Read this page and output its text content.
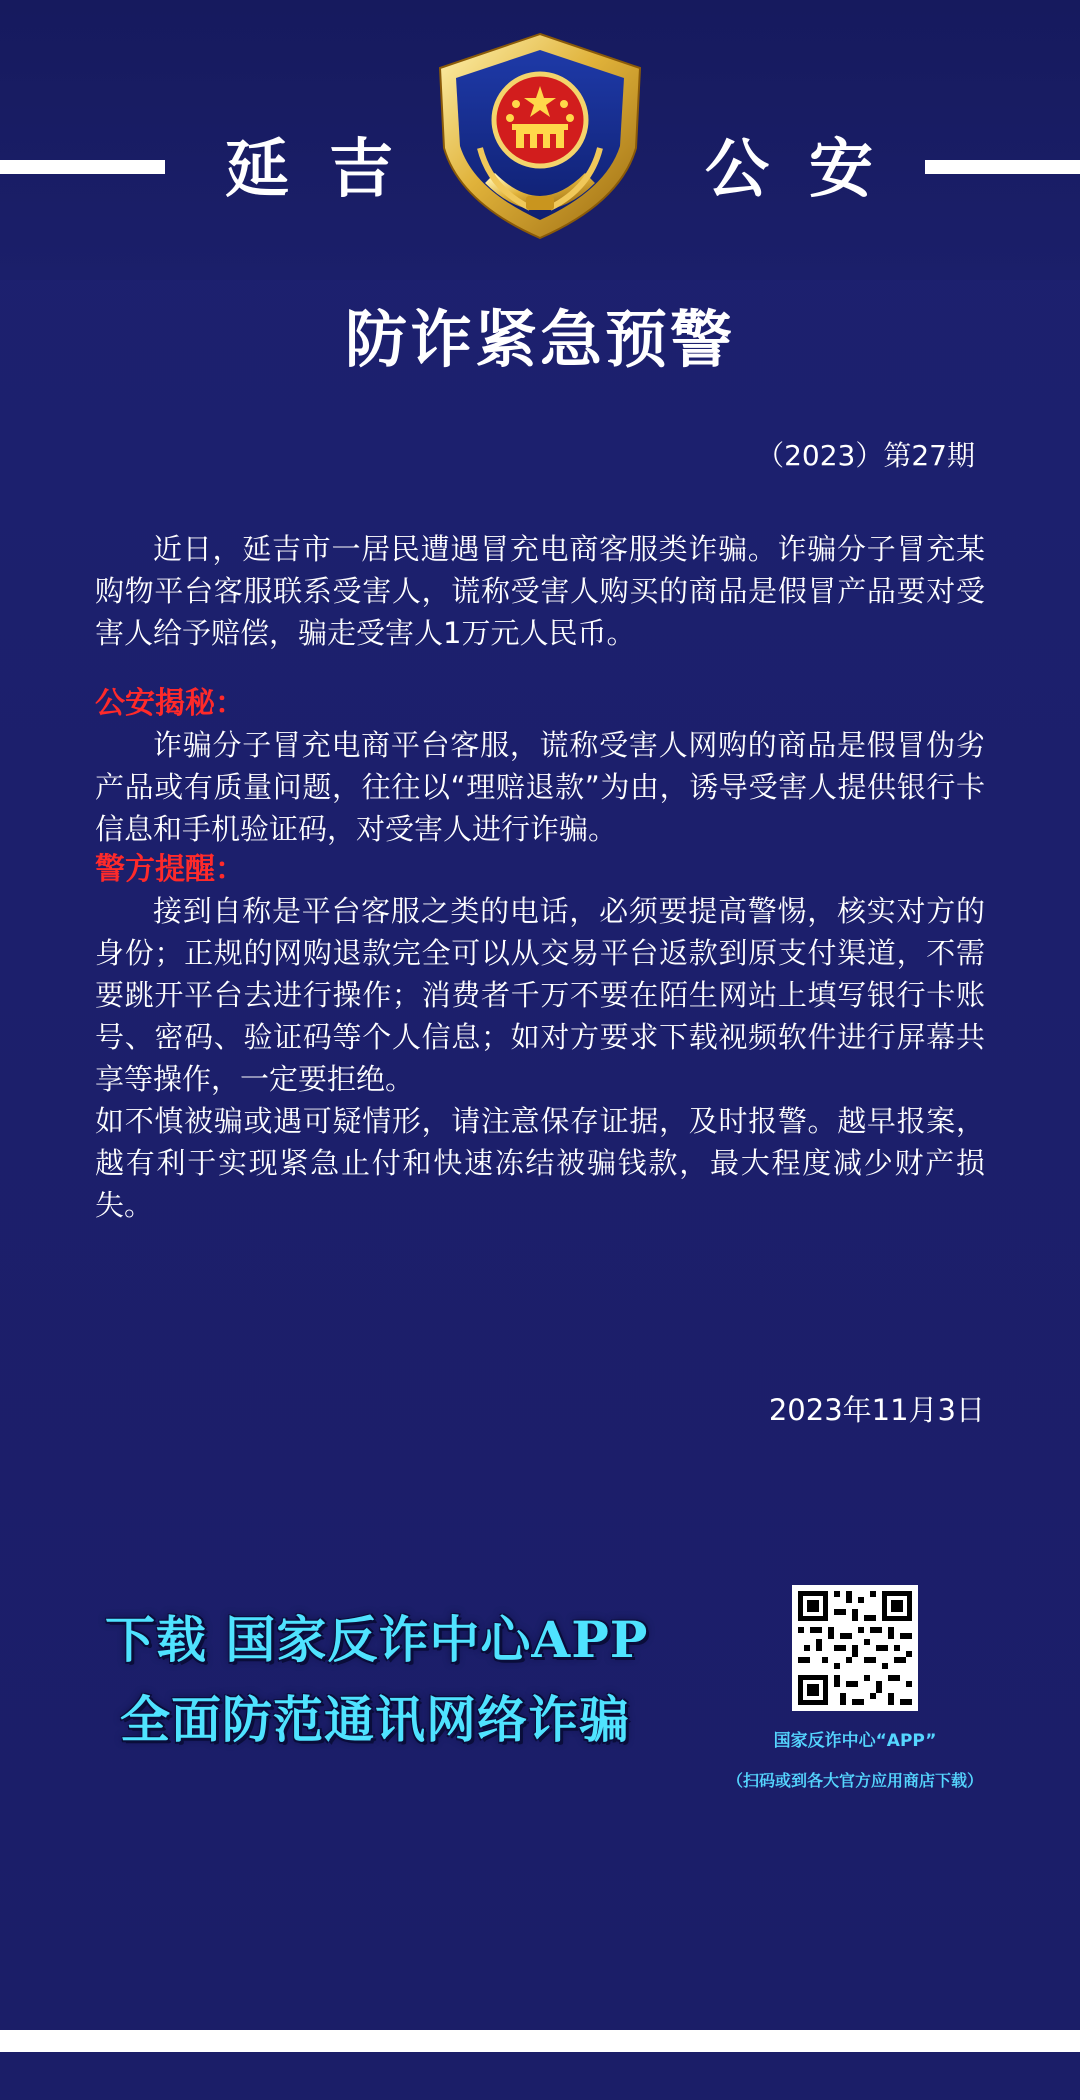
延吉	公安
防诈紧急预警
（2023）第27期

近日，延吉市一居民遭遇冒充电商客服类诈骗。诈骗分子冒充某购物平台客服联系受害人，谎称受害人购买的商品是假冒产品要对受害人给予赔偿，骗走受害人1万元人民币。

公安揭秘：

诈骗分子冒充电商平台客服，谎称受害人网购的商品是假冒伪劣产品或有质量问题，往往以“理赔退款”为由，诱导受害人提供银行卡信息和手机验证码，对受害人进行诈骗。

警方提醒：

接到自称是平台客服之类的电话，必须要提高警惕，核实对方的身份；正规的网购退款完全可以从交易平台返款到原支付渠道，不需要跳开平台去进行操作；消费者千万不要在陌生网站上填写银行卡账号、密码、验证码等个人信息；如对方要求下载视频软件进行屏幕共享等操作，一定要拒绝。

如不慎被骗或遇可疑情形，请注意保存证据，及时报警。越早报案，越有利于实现紧急止付和快速冻结被骗钱款，最大程度减少财产损失。

2023年11月3日
下载 国家反诈中心APP
全面防范通讯网络诈骗	国家反诈中心“APP”
（扫码或到各大官方应用商店下载）
